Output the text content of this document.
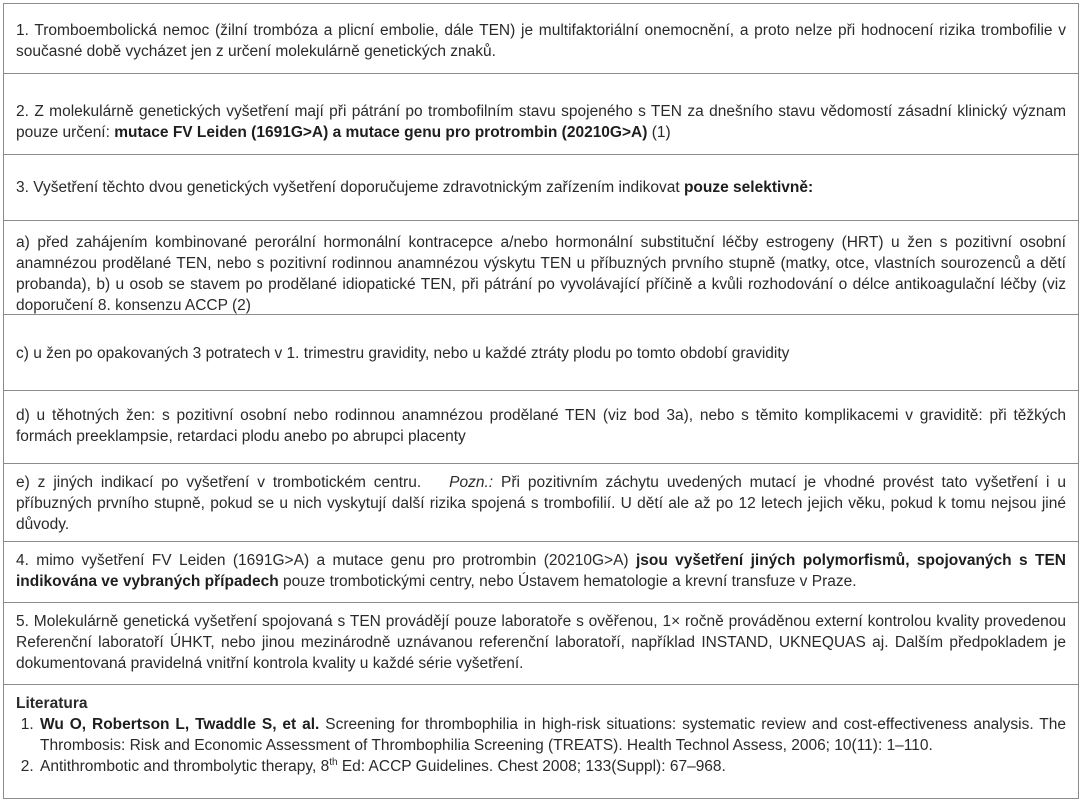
1. Tromboembolická nemoc (žilní trombóza a plicní embolie, dále TEN) je multifaktoriální onemocnění, a proto nelze při hodnocení rizika trombofilie v současné době vycházet jen z určení molekulárně genetických znaků.

2. Z molekulárně genetických vyšetření mají při pátrání po trombofilním stavu spojeného s TEN za dnešního stavu vědomostí zásadní klinický význam pouze určení: mutace FV Leiden (1691G>A) a mutace genu pro protrombin (20210G>A) (1)

3. Vyšetření těchto dvou genetických vyšetření doporučujeme zdravotnickým zařízením indikovat pouze selektivně:

a) před zahájením kombinované perorální hormonální kontracepce a/nebo hormonální substituční léčby estrogeny (HRT) u žen s pozitivní osobní anamnézou prodělané TEN, nebo s pozitivní rodinnou anamnézou výskytu TEN u příbuzných prvního stupně (matky, otce, vlastních sourozenců a dětí probanda), b) u osob se stavem po prodělané idiopatické TEN, při pátrání po vyvolávající příčině a kvůli rozhodování o délce antikoagulační léčby (viz doporučení 8. konsenzu ACCP (2)

c) u žen po opakovaných 3 potratech v 1. trimestru gravidity, nebo u každé ztráty plodu po tomto období gravidity

d) u těhotných žen: s pozitivní osobní nebo rodinnou anamnézou prodělané TEN (viz bod 3a), nebo s těmito komplikacemi v graviditě: při těžkých formách preeklampsie, retardaci plodu anebo po abrupci placenty

e) z jiných indikací po vyšetření v trombotickém centru. Pozn.: Při pozitivním záchytu uvedených mutací je vhodné provést tato vyšetření i u příbuzných prvního stupně, pokud se u nich vyskytují další rizika spojená s trombofilií. U dětí ale až po 12 letech jejich věku, pokud k tomu nejsou jiné důvody.

4. mimo vyšetření FV Leiden (1691G>A) a mutace genu pro protrombin (20210G>A) jsou vyšetření jiných polymorfismů, spojovaných s TEN indikována ve vybraných případech pouze trombotickými centry, nebo Ústavem hematologie a krevní transfuze v Praze.

5. Molekulárně genetická vyšetření spojovaná s TEN provádějí pouze laboratoře s ověřenou, 1× ročně prováděnou externí kontrolou kvality provedenou Referenční laboratoří ÚHKT, nebo jinou mezinárodně uznávanou referenční laboratoří, například INSTAND, UKNEQUAS aj. Dalším předpokladem je dokumentovaná pravidelná vnitřní kontrola kvality u každé série vyšetření.

Literatura

1. Wu O, Robertson L, Twaddle S, et al. Screening for thrombophilia in high-risk situations: systematic review and cost-effectiveness analysis. The Thrombosis: Risk and Economic Assessment of Thrombophilia Screening (TREATS). Health Technol Assess, 2006; 10(11): 1–110.
2. Antithrombotic and thrombolytic therapy, 8th Ed: ACCP Guidelines. Chest 2008; 133(Suppl): 67–968.
